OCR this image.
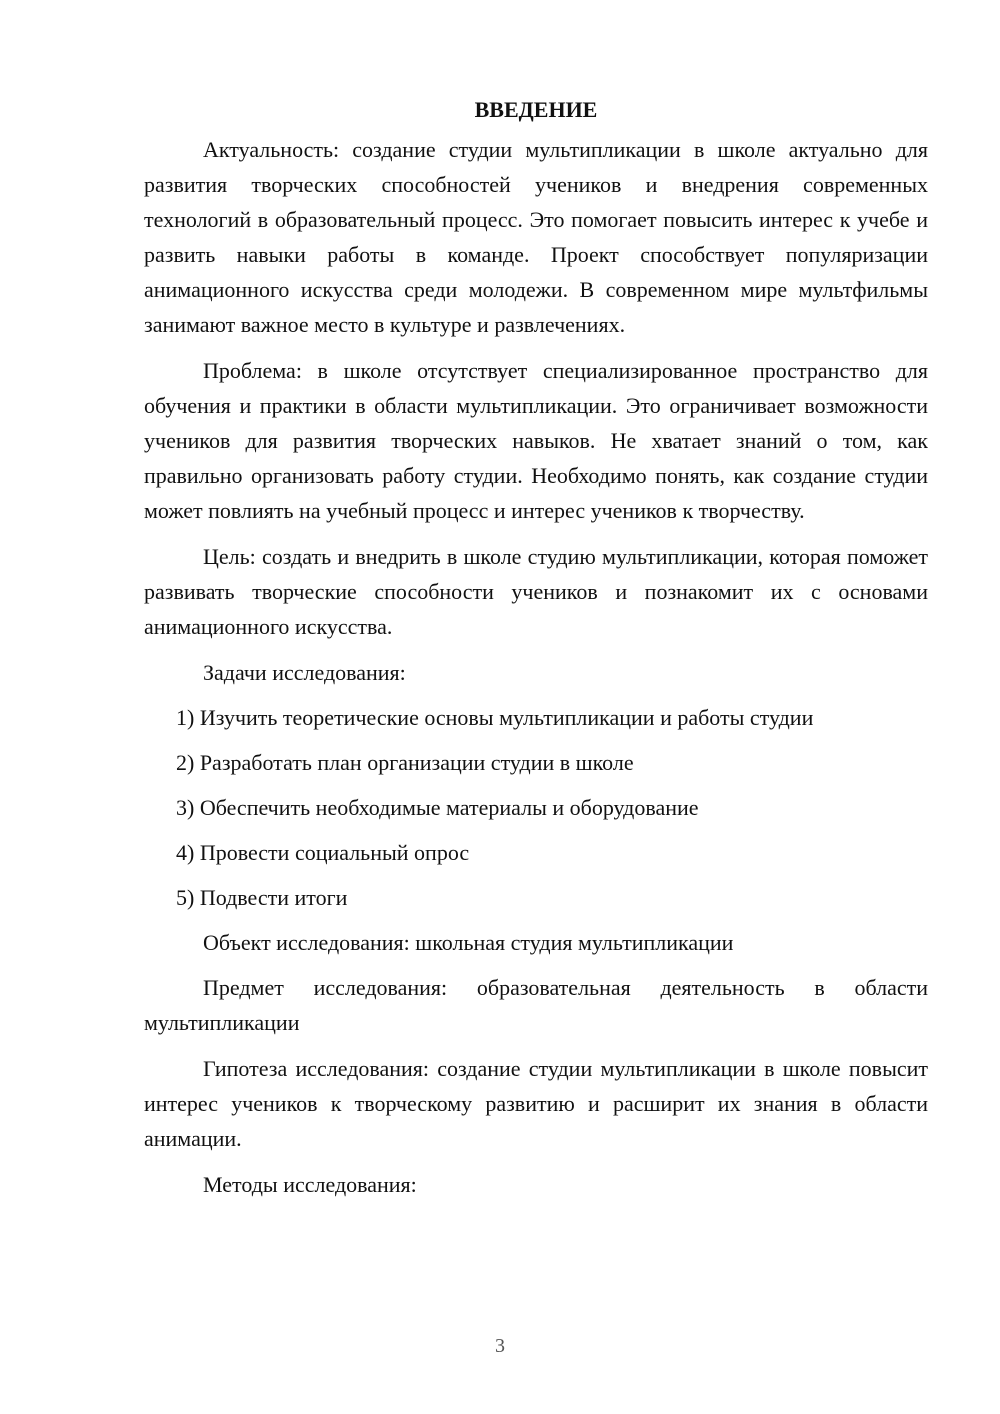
ВВЕДЕНИЕ

Актуальность: создание студии мультипликации в школе актуально для развития творческих способностей учеников и внедрения современных технологий в образовательный процесс. Это помогает повысить интерес к учебе и развить навыки работы в команде. Проект способствует популяризации анимационного искусства среди молодежи. В современном мире мультфильмы занимают важное место в культуре и развлечениях.

Проблема: в школе отсутствует специализированное пространство для обучения и практики в области мультипликации. Это ограничивает возможности учеников для развития творческих навыков. Не хватает знаний о том, как правильно организовать работу студии. Необходимо понять, как создание студии может повлиять на учебный процесс и интерес учеников к творчеству.

Цель: создать и внедрить в школе студию мультипликации, которая поможет развивать творческие способности учеников и познакомит их с основами анимационного искусства.

Задачи исследования:

1) Изучить теоретические основы мультипликации и работы студии

2) Разработать план организации студии в школе

3) Обеспечить необходимые материалы и оборудование

4) Провести социальный опрос

5) Подвести итоги

Объект исследования: школьная студия мультипликации

Предмет исследования: образовательная деятельность в области мультипликации

Гипотеза исследования: создание студии мультипликации в школе повысит интерес учеников к творческому развитию и расширит их знания в области анимации.

Методы исследования:

3
